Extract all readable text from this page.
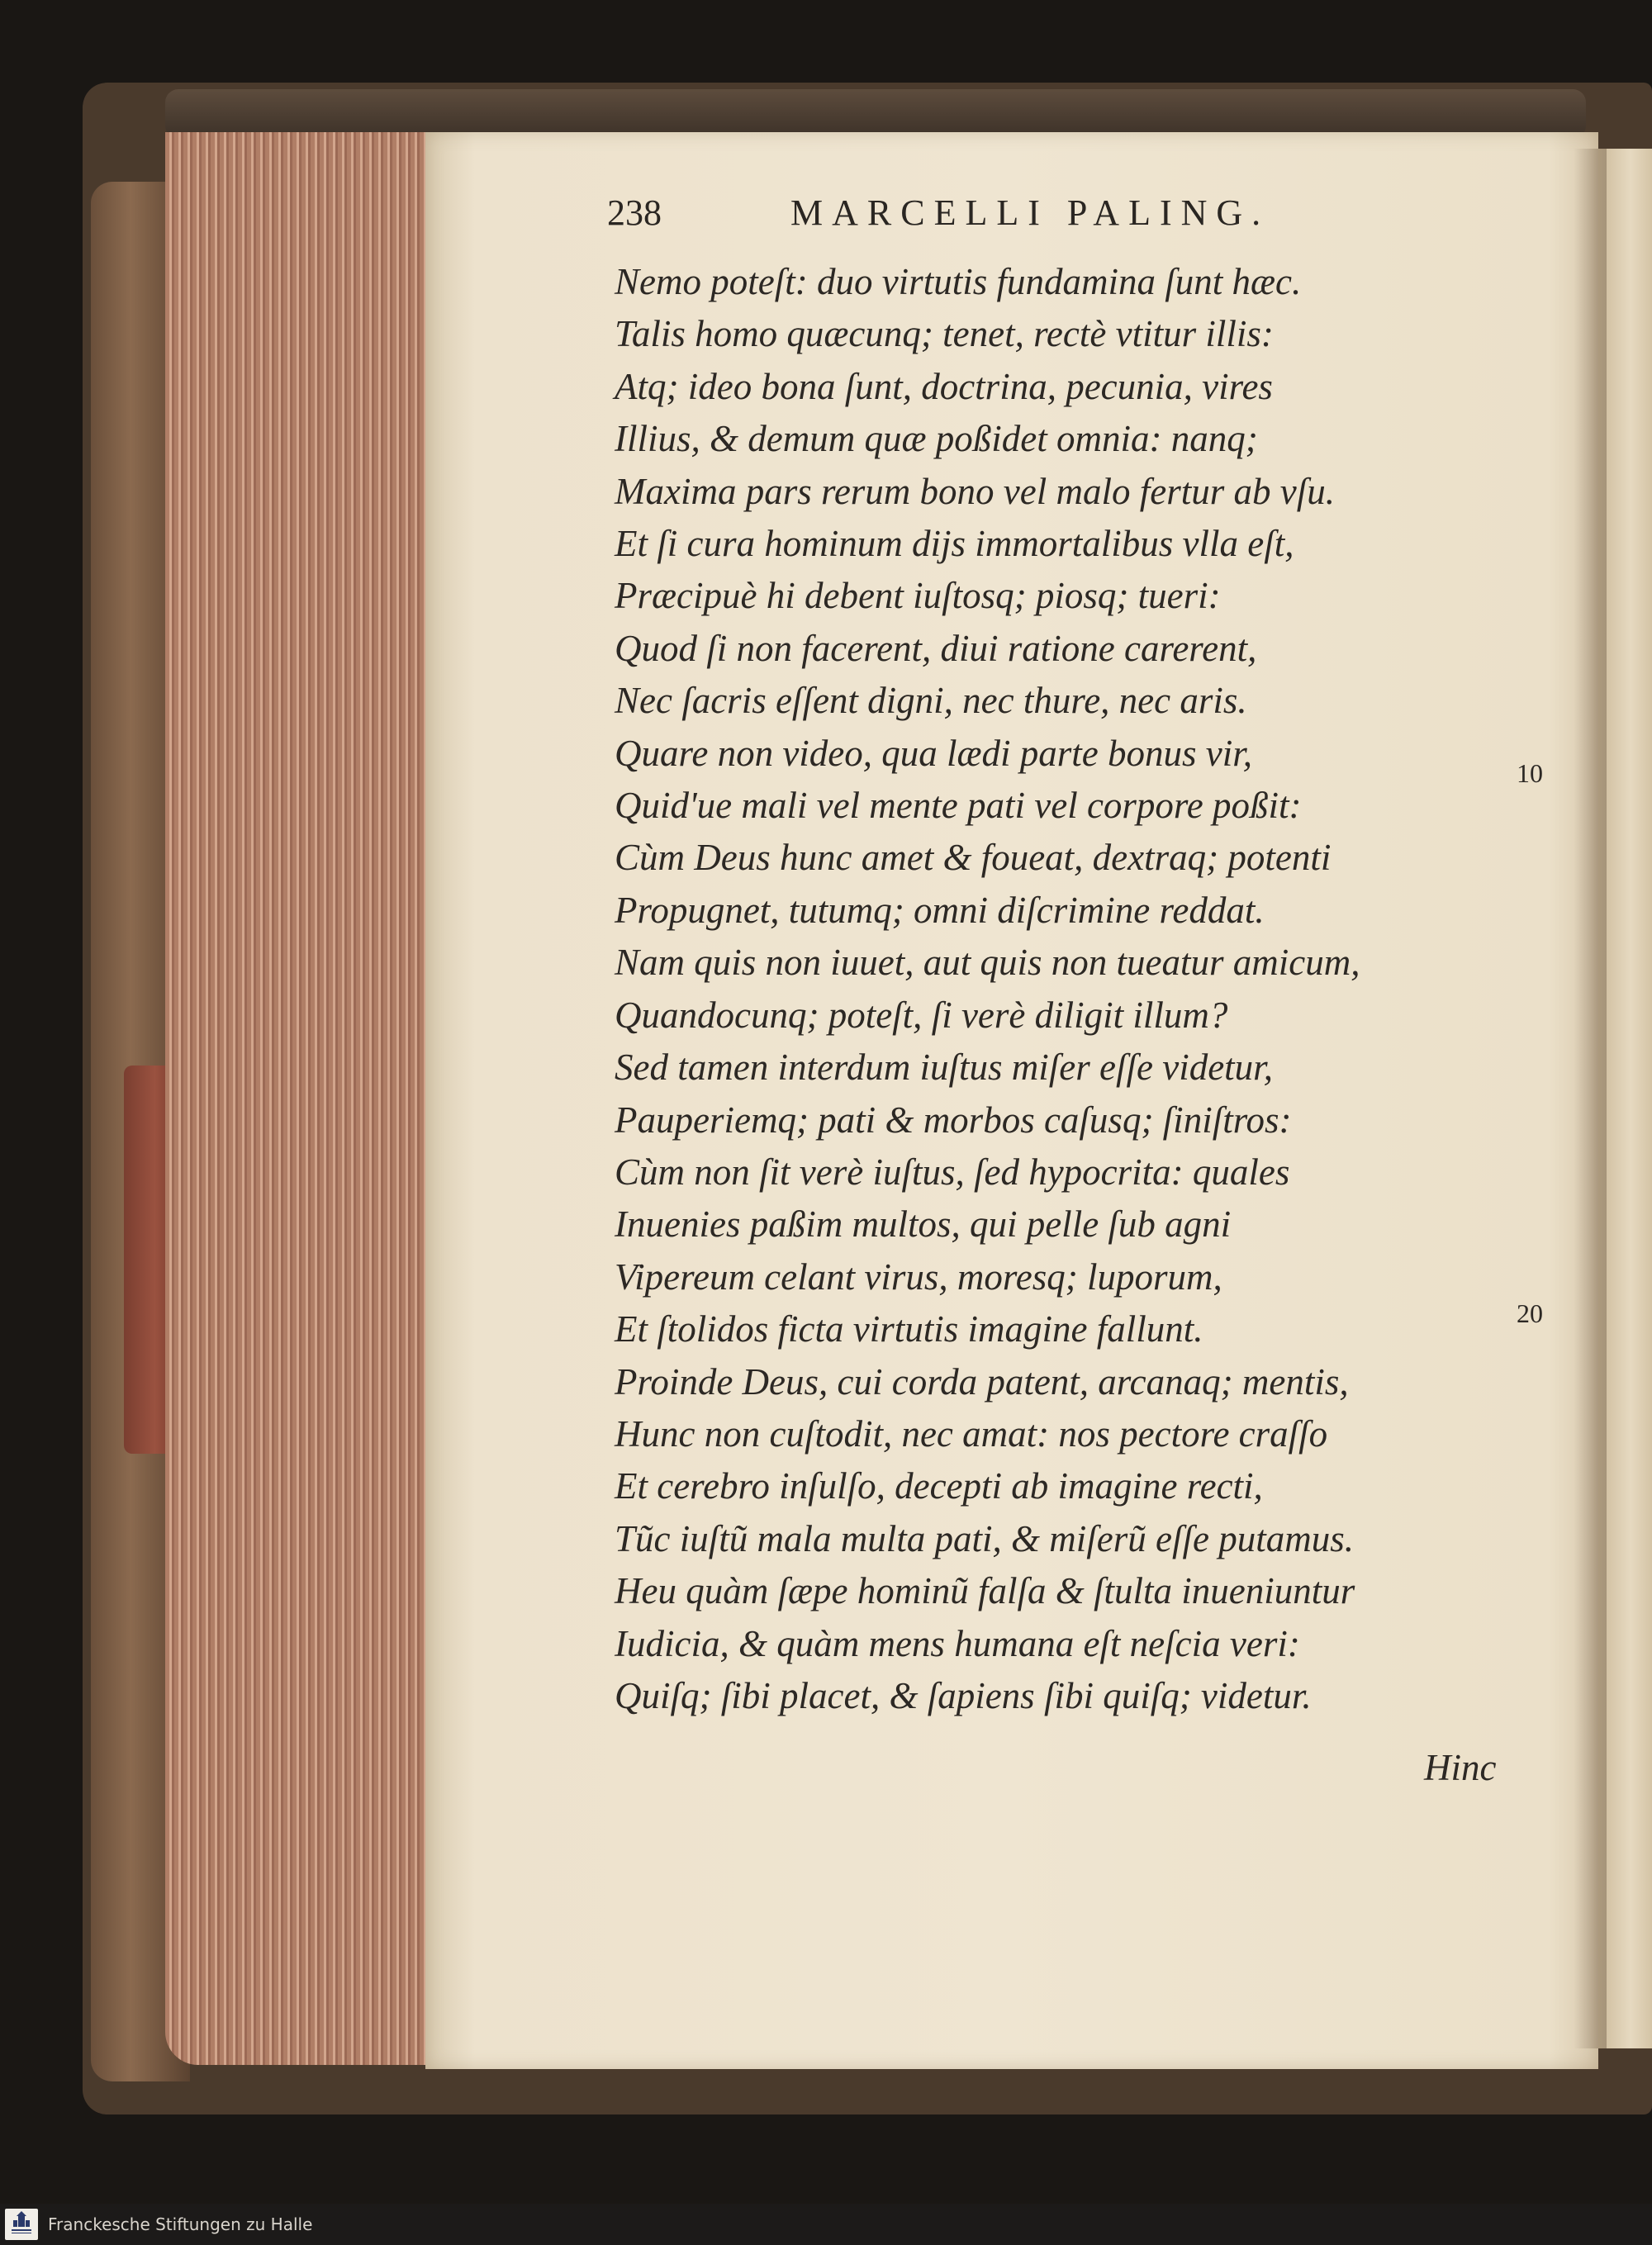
238	MARCELLI PALING.
Nemo poteſt: duo virtutis fundamina ſunt hæc.
Talis homo quæcunq; tenet, rectè vtitur illis:
Atq; ideo bona ſunt, doctrina, pecunia, vires
Illius, & demum quæ poßidet omnia: nanq;
Maxima pars rerum bono vel malo fertur ab vſu.
Et ſi cura hominum dijs immortalibus vlla eſt,
Præcipuè hi debent iuſtosq; piosq; tueri:
Quod ſi non facerent, diui ratione carerent,
Nec ſacris eſſent digni, nec thure, nec aris.
Quare non video, qua lædi parte bonus vir,
Quid'ue mali vel mente pati vel corpore poßit:
Cùm Deus hunc amet & foueat, dextraq; potenti
Propugnet, tutumq; omni diſcrimine reddat.
Nam quis non iuuet, aut quis non tueatur amicum,
Quandocunq; poteſt, ſi verè diligit illum?
Sed tamen interdum iuſtus miſer eſſe videtur,
Pauperiemq; pati & morbos caſusq; ſiniſtros:
Cùm non ſit verè iuſtus, ſed hypocrita: quales
Inuenies paßim multos, qui pelle ſub agni
Vipereum celant virus, moresq; luporum,
Et ſtolidos ficta virtutis imagine fallunt.
Proinde Deus, cui corda patent, arcanaq; mentis,
Hunc non cuſtodit, nec amat: nos pectore craſſo
Et cerebro inſulſo, decepti ab imagine recti,
Tũc iuſtũ mala multa pati, & miſerũ eſſe putamus.
Heu quàm ſæpe hominũ falſa & ſtulta inueniuntur
Iudicia, & quàm mens humana eſt neſcia veri:
Quiſq; ſibi placet, & ſapiens ſibi quiſq; videtur.
10
20
Hinc
Franckesche Stiftungen zu Halle
